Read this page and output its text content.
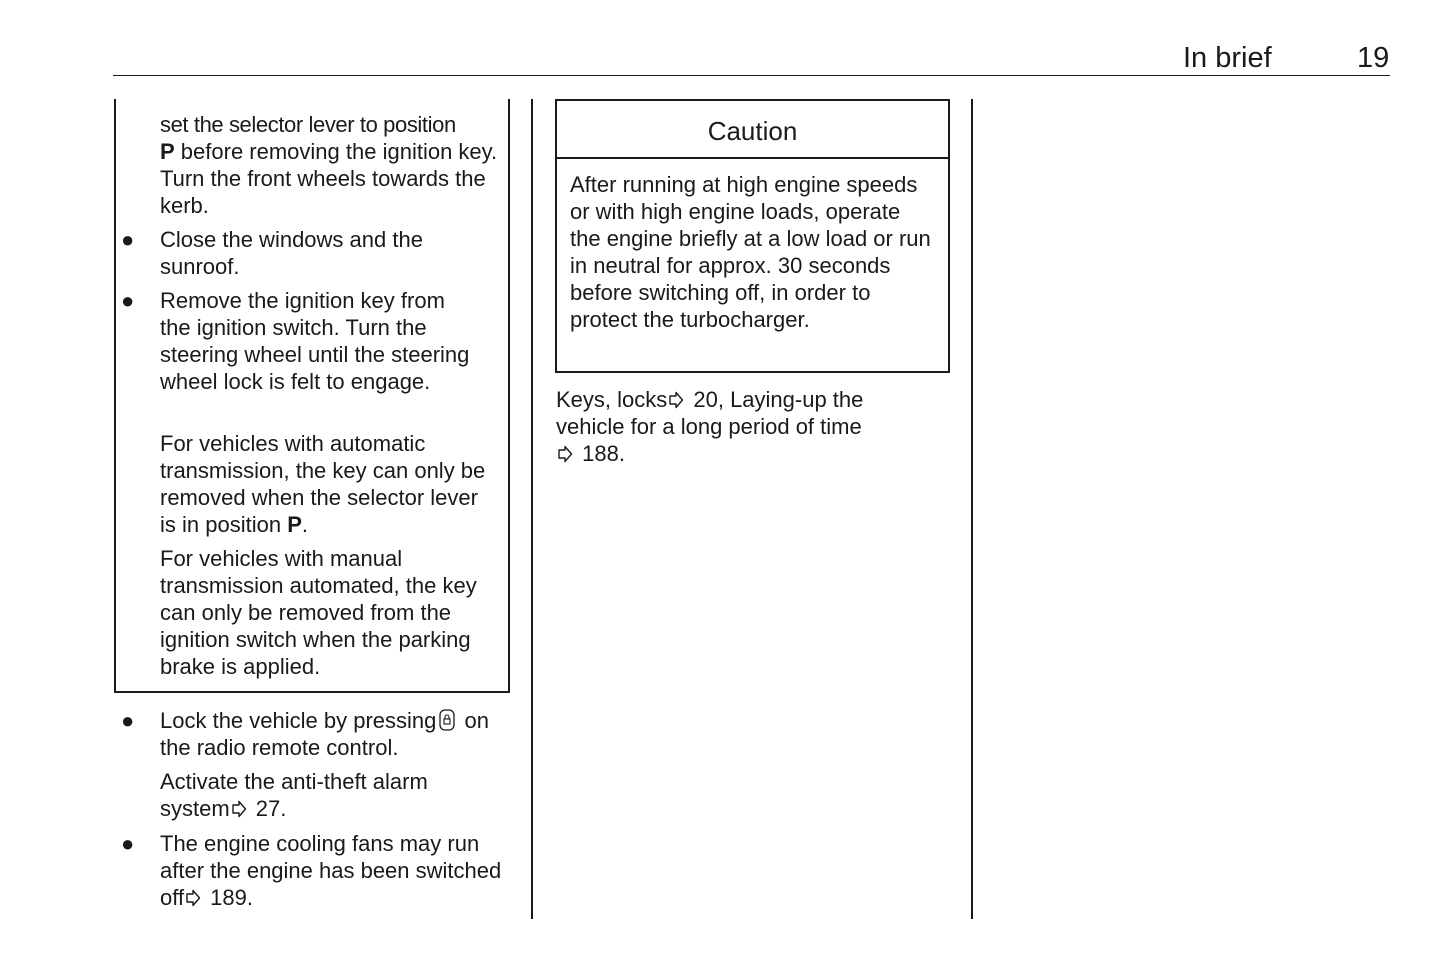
In brief	19
set the selector lever to position
P before removing the ignition key. Turn the front wheels towards the kerb.
● Close the windows and the sunroof.
● Remove the ignition key from the ignition switch. Turn the steering wheel until the steering wheel lock is felt to engage.
For vehicles with automatic transmission, the key can only be removed when the selector lever is in position P.
For vehicles with manual transmission automated, the key can only be removed from the ignition switch when the parking brake is applied.
● Lock the vehicle by pressing on the radio remote control.
Activate the anti-theft alarm system 27.
● The engine cooling fans may run after the engine has been switched off 189.
Caution
After running at high engine speeds or with high engine loads, operate the engine briefly at a low load or run in neutral for approx. 30 seconds before switching off, in order to protect the turbocharger.
Keys, locks 20, Laying-up the vehicle for a long period of time
188.
